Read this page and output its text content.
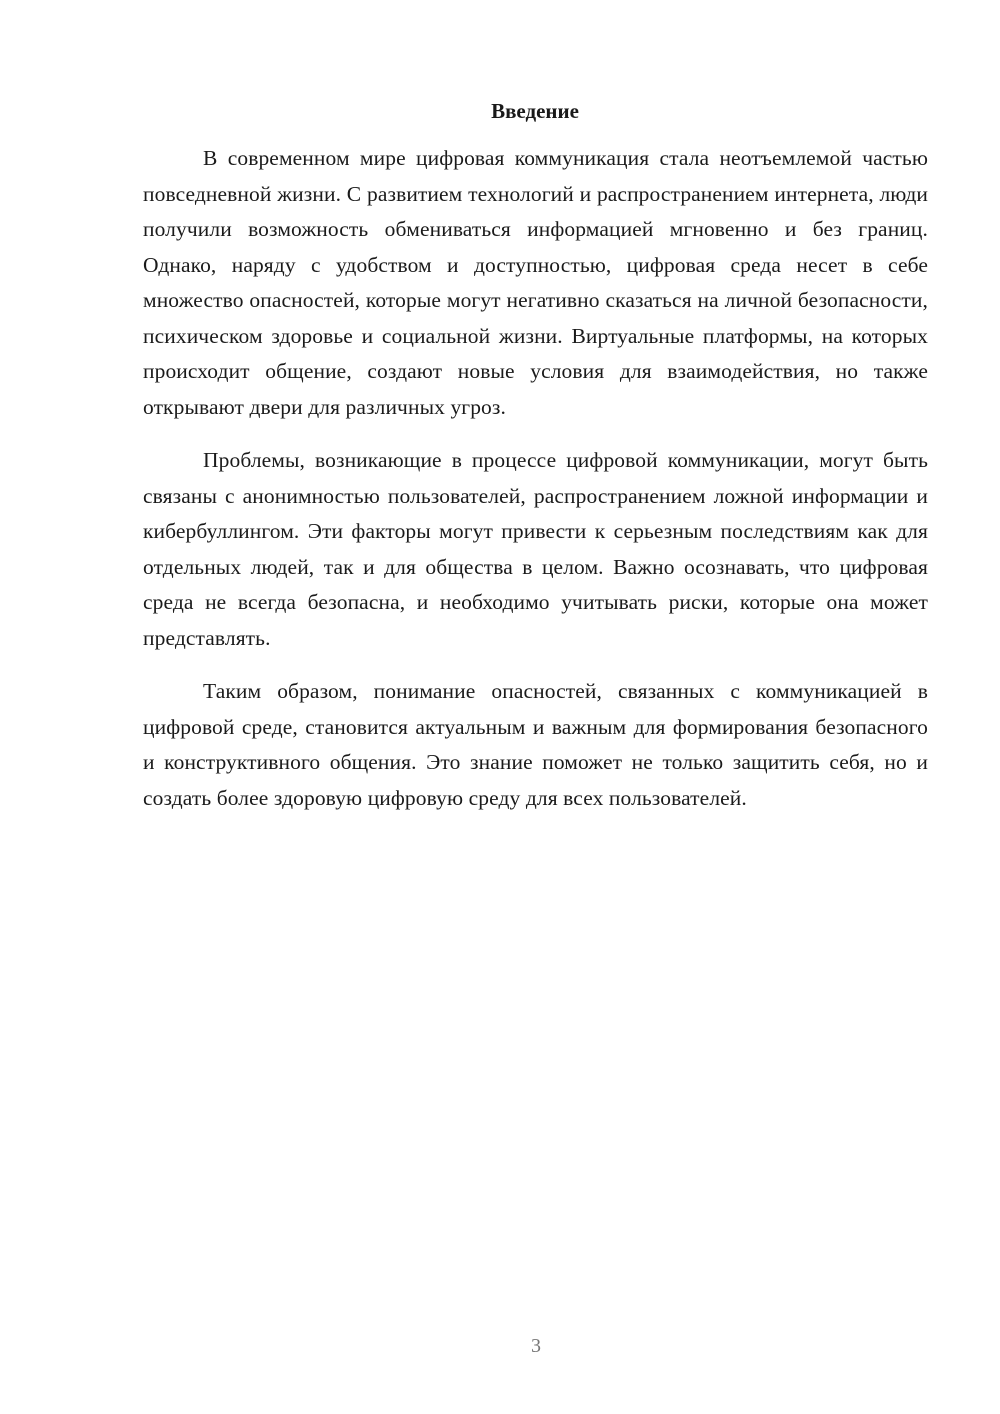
Введение

В современном мире цифровая коммуникация стала неотъемлемой частью повседневной жизни. С развитием технологий и распространением интернета, люди получили возможность обмениваться информацией мгновенно и без границ. Однако, наряду с удобством и доступностью, цифровая среда несет в себе множество опасностей, которые могут негативно сказаться на личной безопасности, психическом здоровье и социальной жизни. Виртуальные платформы, на которых происходит общение, создают новые условия для взаимодействия, но также открывают двери для различных угроз.

Проблемы, возникающие в процессе цифровой коммуникации, могут быть связаны с анонимностью пользователей, распространением ложной информации и кибербуллингом. Эти факторы могут привести к серьезным последствиям как для отдельных людей, так и для общества в целом. Важно осознавать, что цифровая среда не всегда безопасна, и необходимо учитывать риски, которые она может представлять.

Таким образом, понимание опасностей, связанных с коммуникацией в цифровой среде, становится актуальным и важным для формирования безопасного и конструктивного общения. Это знание поможет не только защитить себя, но и создать более здоровую цифровую среду для всех пользователей.

3
